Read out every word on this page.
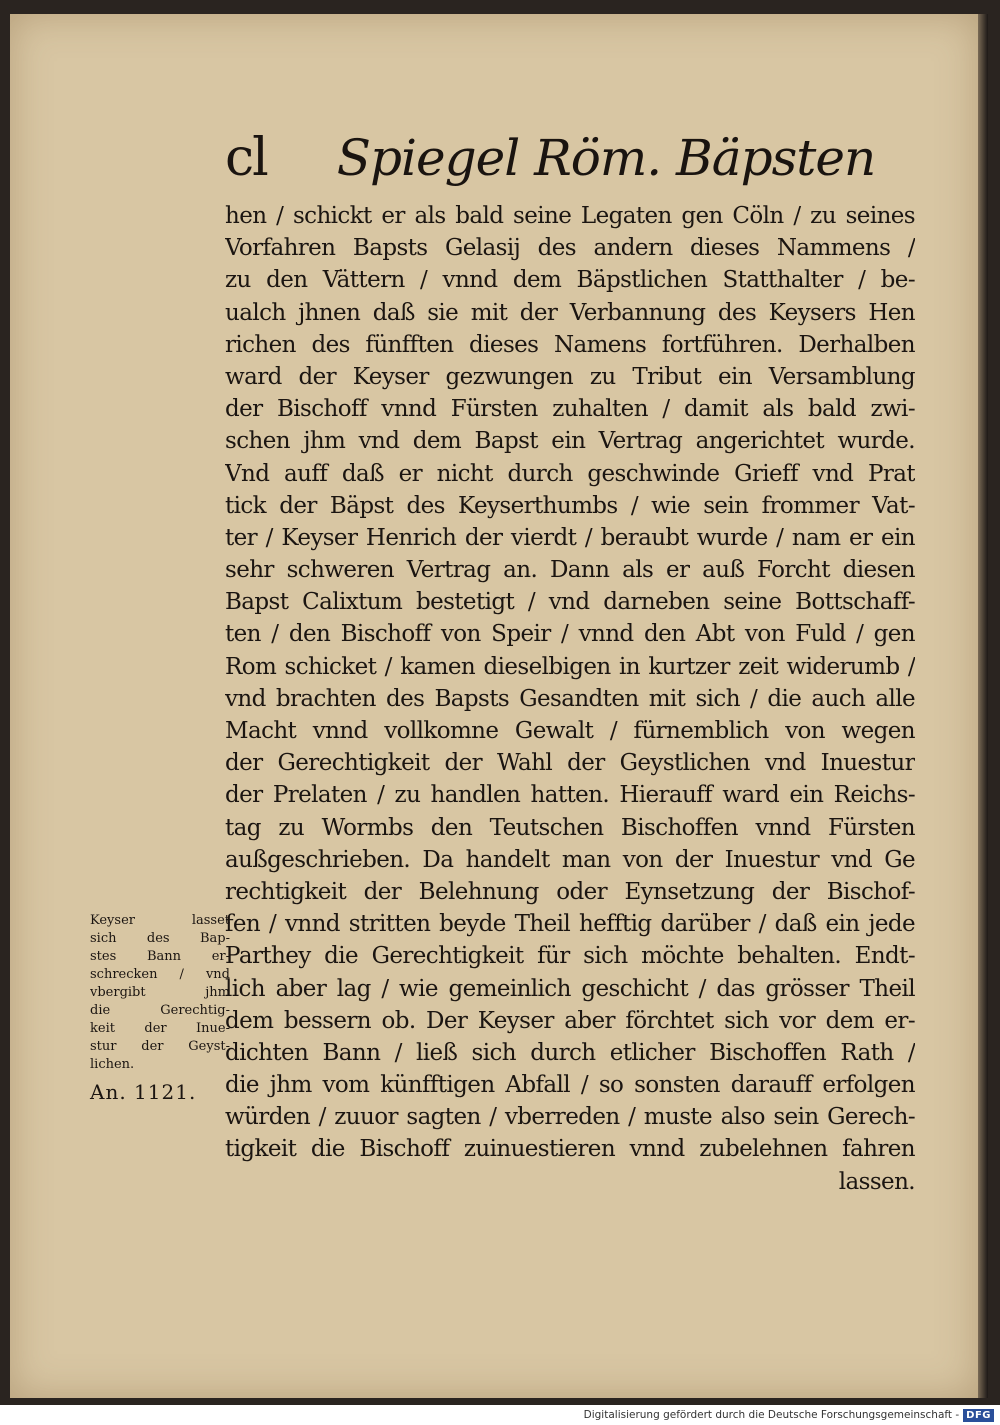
cl Spiegel Röm. Bäpsten
hen / schickt er als bald seine Legaten gen Cöln / zu seines
Vorfahren Bapsts Gelasij des andern dieses Nammens /
zu den Vättern / vnnd dem Bäpstlichen Statthalter / be-
ualch jhnen daß sie mit der Verbannung des Keysers Hen
richen des fünfften dieses Namens fortführen. Derhalben
ward der Keyser gezwungen zu Tribut ein Versamblung
der Bischoff vnnd Fürsten zuhalten / damit als bald zwi-
schen jhm vnd dem Bapst ein Vertrag angerichtet wurde.
Vnd auff daß er nicht durch geschwinde Grieff vnd Prat
tick der Bäpst des Keyserthumbs / wie sein frommer Vat-
ter / Keyser Henrich der vierdt / beraubt wurde / nam er ein
sehr schweren Vertrag an. Dann als er auß Forcht diesen
Bapst Calixtum bestetigt / vnd darneben seine Bottschaff-
ten / den Bischoff von Speir / vnnd den Abt von Fuld / gen
Rom schicket / kamen dieselbigen in kurtzer zeit widerumb /
vnd brachten des Bapsts Gesandten mit sich / die auch alle
Macht vnnd vollkomne Gewalt / fürnemblich von wegen
der Gerechtigkeit der Wahl der Geystlichen vnd Inuestur
der Prelaten / zu handlen hatten. Hierauff ward ein Reichs-
tag zu Wormbs den Teutschen Bischoffen vnnd Fürsten
außgeschrieben. Da handelt man von der Inuestur vnd Ge
rechtigkeit der Belehnung oder Eynsetzung der Bischof-
fen / vnnd stritten beyde Theil hefftig darüber / daß ein jede
Parthey die Gerechtigkeit für sich möchte behalten. Endt-
lich aber lag / wie gemeinlich geschicht / das grösser Theil
dem bessern ob. Der Keyser aber förchtet sich vor dem er-
dichten Bann / ließ sich durch etlicher Bischoffen Rath /
die jhm vom künfftigen Abfall / so sonsten darauff erfolgen
würden / zuuor sagten / vberreden / muste also sein Gerech-
tigkeit die Bischoff zuinuestieren vnnd zubelehnen fahren
lassen.
Keyser lasset
sich des Bap-
stes Bann er-
schrecken / vnd
vbergibt jhm
die Gerechtig-
keit der Inue-
stur der Geyst-
lichen.
An. 1121.
Digitalisierung gefördert durch die Deutsche Forschungsgemeinschaft - DFG
